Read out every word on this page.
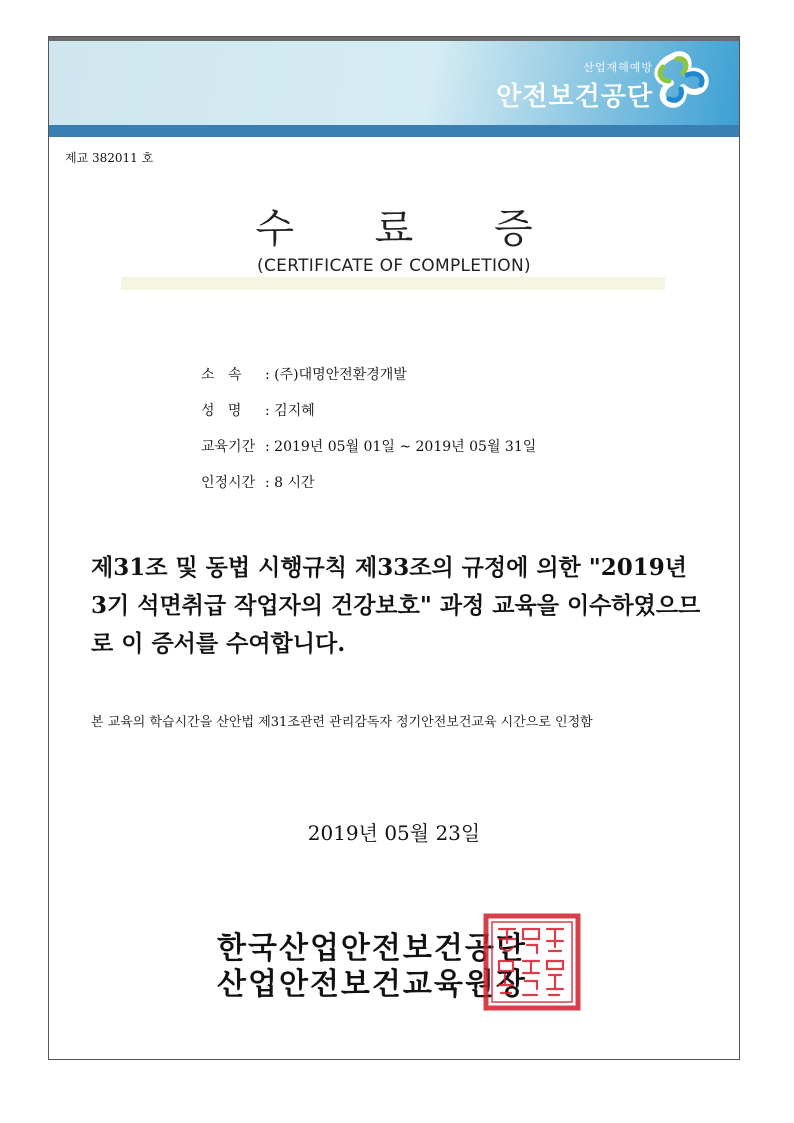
산업재해예방
안전보건공단
제교 382011 호
수 료 증
(CERTIFICATE OF COMPLETION)
소   속 : (주)대명안전환경개발
성   명 : 김지혜
교육기간 : 2019년 05월 01일 ~ 2019년 05월 31일
인정시간 : 8 시간
제31조 및 동법 시행규칙 제33조의 규정에 의한 "2019년 3기 석면취급 작업자의 건강보호" 과정 교육을 이수하였으므로 이 증서를 수여합니다.
본 교육의 학습시간을 산안법 제31조관련 관리감독자 정기안전보건교육 시간으로 인정함
2019년 05월 23일
한국산업안전보건공단
산업안전보건교육원장
